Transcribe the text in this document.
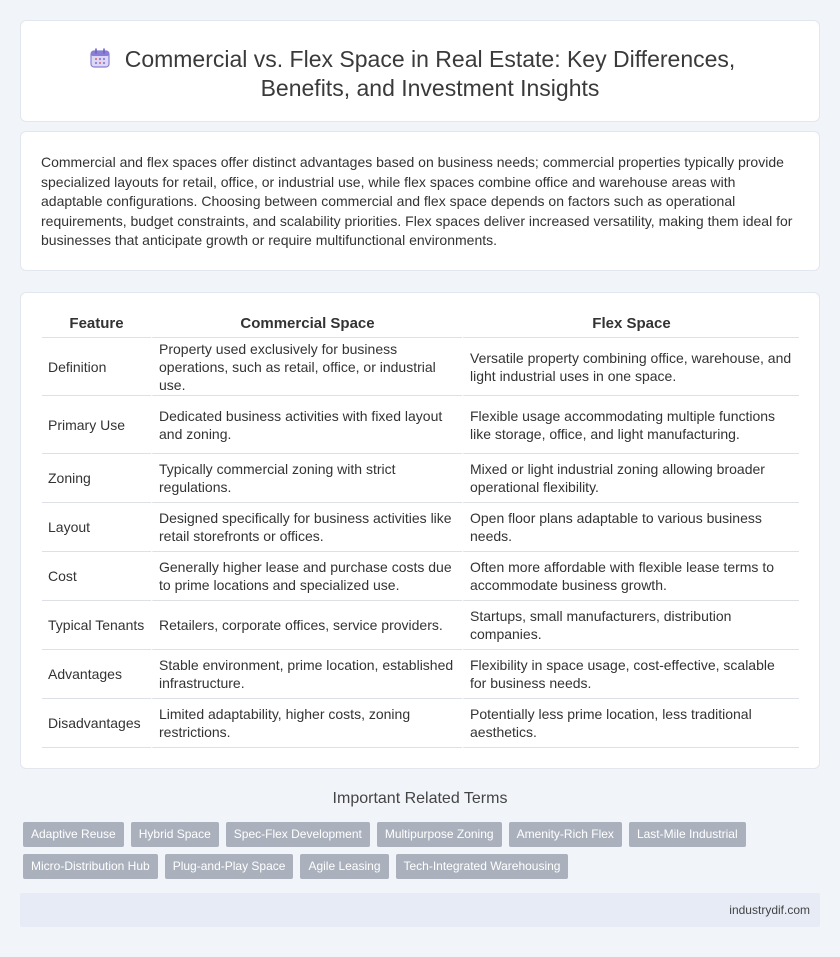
Commercial vs. Flex Space in Real Estate: Key Differences, Benefits, and Investment Insights

Commercial and flex spaces offer distinct advantages based on business needs; commercial properties typically provide specialized layouts for retail, office, or industrial use, while flex spaces combine office and warehouse areas with adaptable configurations. Choosing between commercial and flex space depends on factors such as operational requirements, budget constraints, and scalability priorities. Flex spaces deliver increased versatility, making them ideal for businesses that anticipate growth or require multifunctional environments.

Feature	Commercial Space	Flex Space
Definition	Property used exclusively for business operations, such as retail, office, or industrial use.	Versatile property combining office, warehouse, and light industrial uses in one space.
Primary Use	Dedicated business activities with fixed layout and zoning.	Flexible usage accommodating multiple functions like storage, office, and light manufacturing.
Zoning	Typically commercial zoning with strict regulations.	Mixed or light industrial zoning allowing broader operational flexibility.
Layout	Designed specifically for business activities like retail storefronts or offices.	Open floor plans adaptable to various business needs.
Cost	Generally higher lease and purchase costs due to prime locations and specialized use.	Often more affordable with flexible lease terms to accommodate business growth.
Typical Tenants	Retailers, corporate offices, service providers.	Startups, small manufacturers, distribution companies.
Advantages	Stable environment, prime location, established infrastructure.	Flexibility in space usage, cost-effective, scalable for business needs.
Disadvantages	Limited adaptability, higher costs, zoning restrictions.	Potentially less prime location, less traditional aesthetics.
Important Related Terms
Adaptive Reuse	Hybrid Space	Spec-Flex Development	Multipurpose Zoning	Amenity-Rich Flex	Last-Mile Industrial
Micro-Distribution Hub	Plug-and-Play Space	Agile Leasing	Tech-Integrated Warehousing
industrydif.com
